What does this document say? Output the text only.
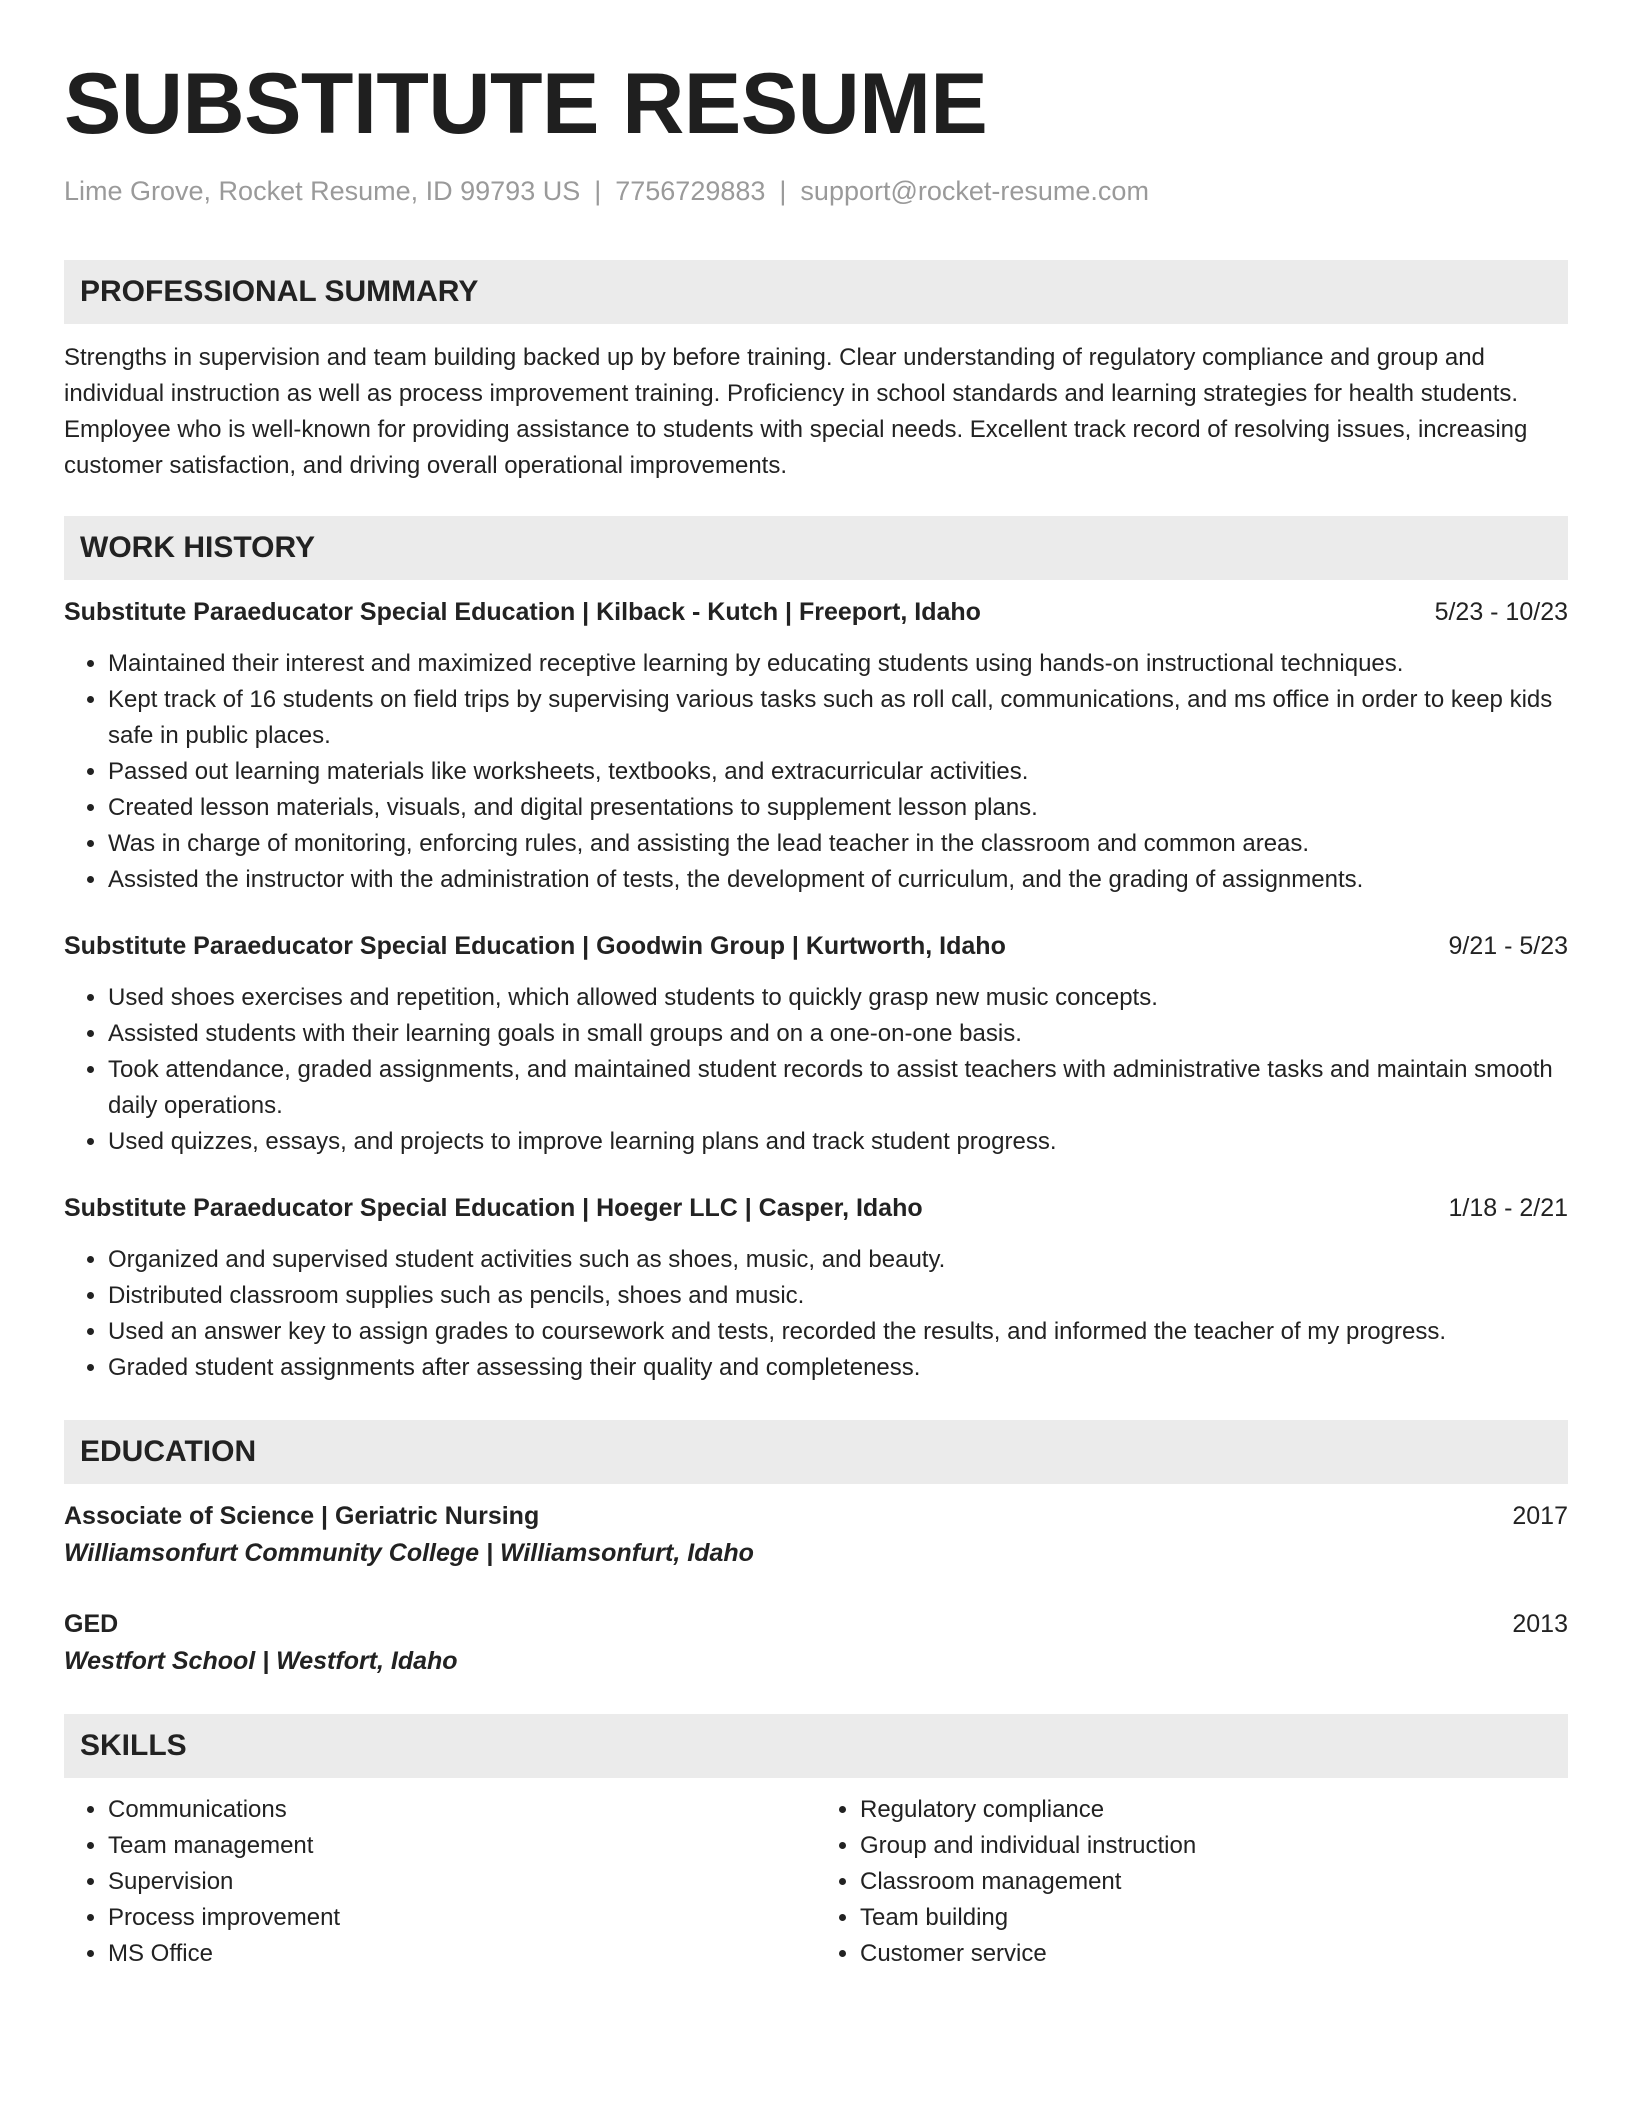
SUBSTITUTE RESUME
Lime Grove, Rocket Resume, ID 99793 US | 7756729883 | support@rocket-resume.com
PROFESSIONAL SUMMARY

Strengths in supervision and team building backed up by before training. Clear understanding of regulatory compliance and group and individual instruction as well as process improvement training. Proficiency in school standards and learning strategies for health students. Employee who is well-known for providing assistance to students with special needs. Excellent track record of resolving issues, increasing customer satisfaction, and driving overall operational improvements.

WORK HISTORY
Substitute Paraeducator Special Education | Kilback - Kutch | Freeport, Idaho	5/23 - 10/23
• Maintained their interest and maximized receptive learning by educating students using hands-on instructional techniques.
• Kept track of 16 students on field trips by supervising various tasks such as roll call, communications, and ms office in order to keep kids safe in public places.
• Passed out learning materials like worksheets, textbooks, and extracurricular activities.
• Created lesson materials, visuals, and digital presentations to supplement lesson plans.
• Was in charge of monitoring, enforcing rules, and assisting the lead teacher in the classroom and common areas.
• Assisted the instructor with the administration of tests, the development of curriculum, and the grading of assignments.
Substitute Paraeducator Special Education | Goodwin Group | Kurtworth, Idaho	9/21 - 5/23
• Used shoes exercises and repetition, which allowed students to quickly grasp new music concepts.
• Assisted students with their learning goals in small groups and on a one-on-one basis.
• Took attendance, graded assignments, and maintained student records to assist teachers with administrative tasks and maintain smooth daily operations.
• Used quizzes, essays, and projects to improve learning plans and track student progress.
Substitute Paraeducator Special Education | Hoeger LLC | Casper, Idaho	1/18 - 2/21
• Organized and supervised student activities such as shoes, music, and beauty.
• Distributed classroom supplies such as pencils, shoes and music.
• Used an answer key to assign grades to coursework and tests, recorded the results, and informed the teacher of my progress.
• Graded student assignments after assessing their quality and completeness.
EDUCATION
Associate of Science | Geriatric Nursing	2017
Williamsonfurt Community College | Williamsonfurt, Idaho
GED	2013
Westfort School | Westfort, Idaho
SKILLS
• Communications
• Team management
• Supervision
• Process improvement
• MS Office
• Regulatory compliance
• Group and individual instruction
• Classroom management
• Team building
• Customer service
